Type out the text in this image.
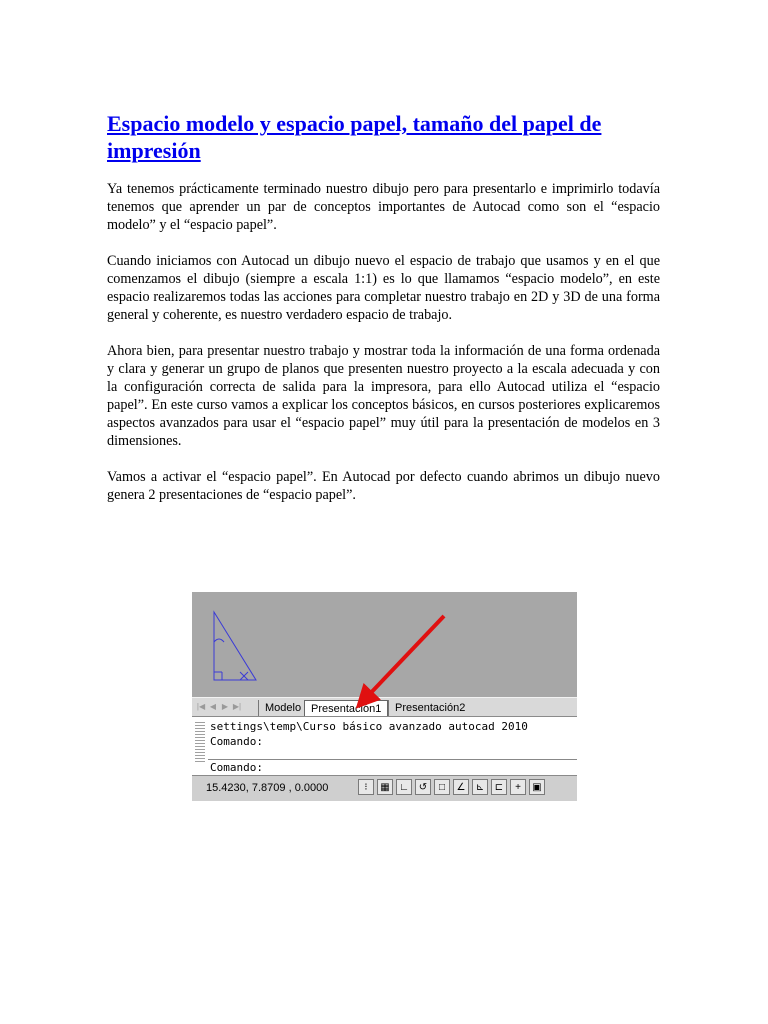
Espacio modelo y espacio papel, tamaño del papel de impresión

Ya tenemos prácticamente terminado nuestro dibujo pero para presentarlo e imprimirlo todavía tenemos que aprender un par de conceptos importantes de Autocad como son el “espacio modelo” y el “espacio papel”.

Cuando iniciamos con Autocad un dibujo nuevo el espacio de trabajo que usamos y en el que comenzamos el dibujo (siempre a escala 1:1) es lo que llamamos “espacio modelo”, en este espacio realizaremos todas las acciones para completar nuestro trabajo en 2D y 3D de una forma general y coherente, es nuestro verdadero espacio de trabajo.

Ahora bien, para presentar nuestro trabajo y mostrar toda la información de una forma ordenada y clara y generar un grupo de planos que presenten nuestro proyecto a la escala adecuada y con la configuración correcta de salida para la impresora, para ello Autocad utiliza el “espacio papel”. En este curso vamos a explicar los conceptos básicos, en cursos posteriores explicaremos aspectos avanzados para usar el “espacio papel” muy útil para la presentación de modelos en 3 dimensiones.

Vamos a activar el “espacio papel”. En Autocad por defecto cuando abrimos un dibujo nuevo genera 2 presentaciones de “espacio papel”.

|◀ ◀ ▶ ▶|	Modelo Presentación1	Presentación2
settings\temp\Curso básico avanzado autocad 2010
Comando:
Comando:
15.4230, 7.8709 , 0.0000	⁝	▦ ∟ ↺	□	∠	⊾	⊏	+	▣
